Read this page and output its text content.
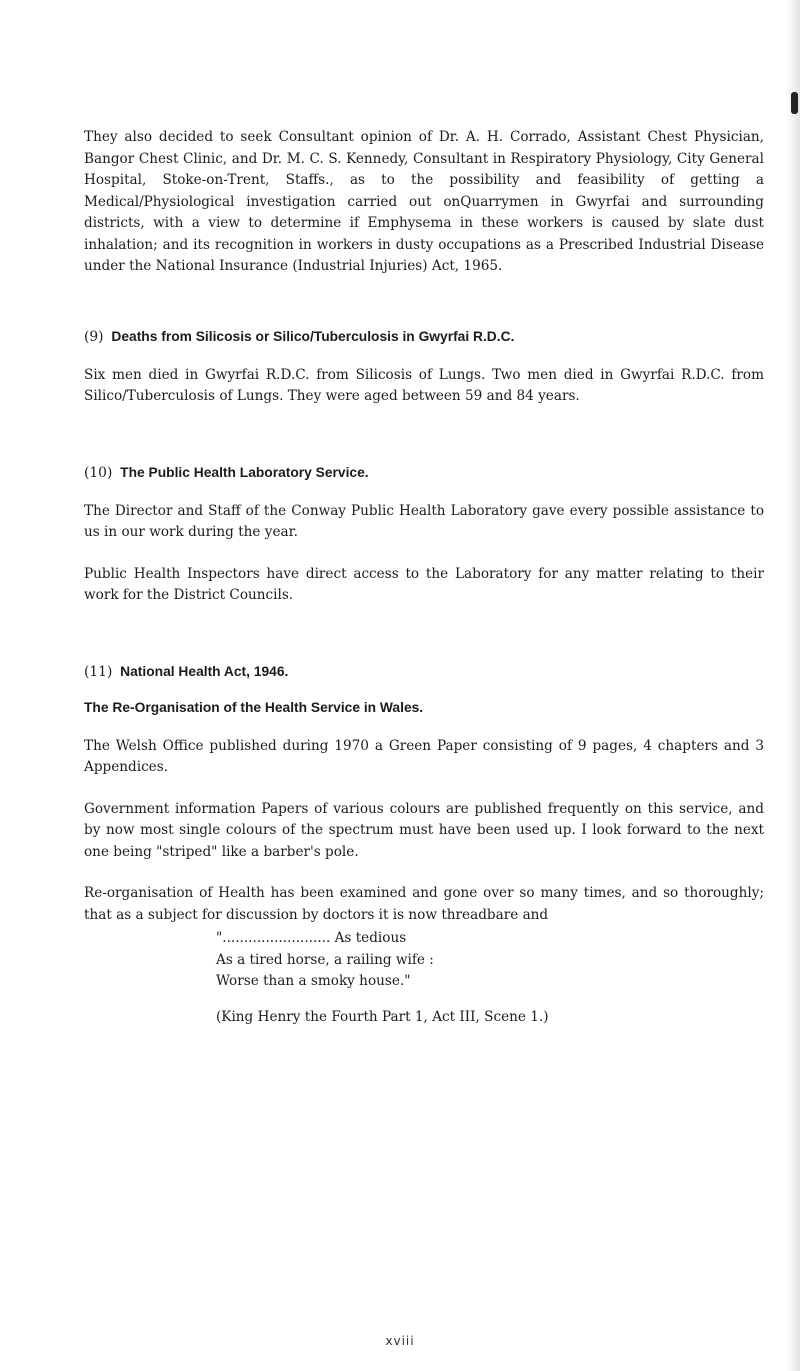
They also decided to seek Consultant opinion of Dr. A. H. Corrado, Assistant Chest Physician, Bangor Chest Clinic, and Dr. M. C. S. Kennedy, Consultant in Respiratory Physiology, City General Hospital, Stoke-on-Trent, Staffs., as to the possibility and feasibility of getting a Medical/Physiological investigation carried out onQuarrymen in Gwyrfai and surrounding districts, with a view to determine if Emphysema in these workers is caused by slate dust inhalation; and its recognition in workers in dusty occupations as a Prescribed Industrial Disease under the National Insurance (Industrial Injuries) Act, 1965.

(9) Deaths from Silicosis or Silico/Tuberculosis in Gwyrfai R.D.C.

Six men died in Gwyrfai R.D.C. from Silicosis of Lungs. Two men died in Gwyrfai R.D.C. from Silico/Tuberculosis of Lungs. They were aged between 59 and 84 years.

(10) The Public Health Laboratory Service.

The Director and Staff of the Conway Public Health Laboratory gave every possible assistance to us in our work during the year.

Public Health Inspectors have direct access to the Laboratory for any matter relating to their work for the District Councils.

(11) National Health Act, 1946.
The Re-Organisation of the Health Service in Wales.

The Welsh Office published during 1970 a Green Paper consisting of 9 pages, 4 chapters and 3 Appendices.

Government information Papers of various colours are published frequently on this service, and by now most single colours of the spectrum must have been used up. I look forward to the next one being "striped" like a barber's pole.

Re-organisation of Health has been examined and gone over so many times, and so thoroughly; that as a subject for discussion by doctors it is now threadbare and

"......................... As tedious

As a tired horse, a railing wife :

Worse than a smoky house."

(King Henry the Fourth Part 1, Act III, Scene 1.)

xviii
